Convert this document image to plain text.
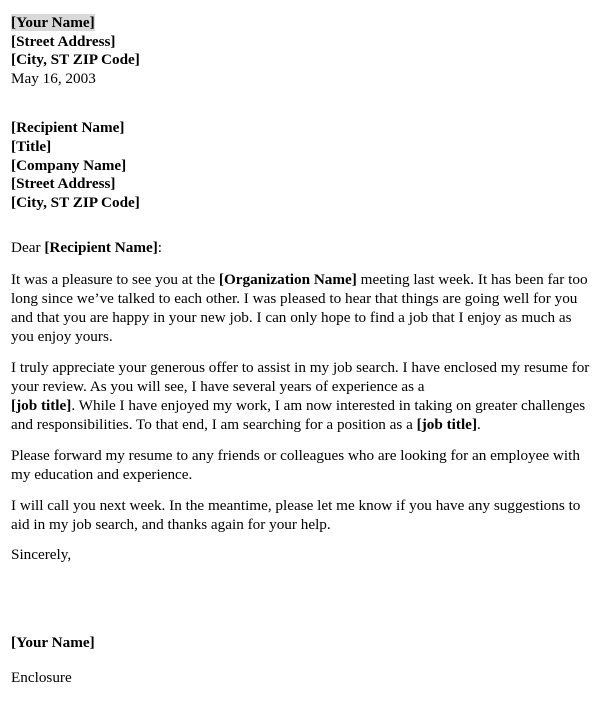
[Your Name]
[Street Address]
[City, ST ZIP Code]
May 16, 2003
[Recipient Name]
[Title]
[Company Name]
[Street Address]
[City, ST ZIP Code]
Dear [Recipient Name]:

It was a pleasure to see you at the [Organization Name] meeting last week. It has been far too long since we’ve talked to each other. I was pleased to hear that things are going well for you and that you are happy in your new job. I can only hope to find a job that I enjoy as much as you enjoy yours.

I truly appreciate your generous offer to assist in my job search. I have enclosed my resume for your review. As you will see, I have several years of experience as a
[job title]. While I have enjoyed my work, I am now interested in taking on greater challenges and responsibilities. To that end, I am searching for a position as a [job title].

Please forward my resume to any friends or colleagues who are looking for an employee with my education and experience.

I will call you next week. In the meantime, please let me know if you have any suggestions to aid in my job search, and thanks again for your help.

Sincerely,
[Your Name]
Enclosure
